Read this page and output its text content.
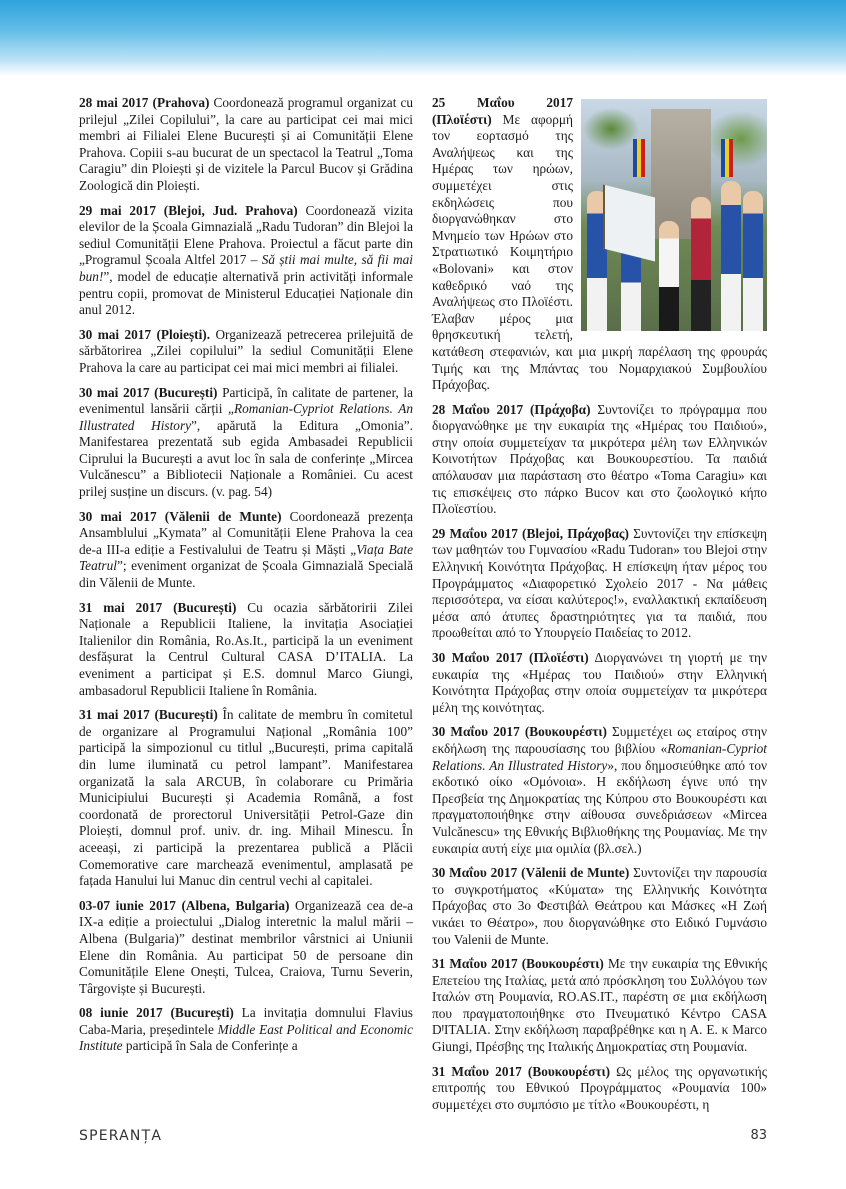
28 mai 2017 (Prahova) Coordonează programul organizat cu prilejul „Zilei Copilului”, la care au participat cei mai mici membri ai Filialei Elene București și ai Comunității Elene Prahova. Copiii s-au bucurat de un spectacol la Teatrul „Toma Caragiu” din Ploiești și de vizitele la Parcul Bucov și Grădina Zoologică din Ploiești.

29 mai 2017 (Blejoi, Jud. Prahova) Coordonează vizita elevilor de la Școala Gimnazială „Radu Tudoran” din Blejoi la sediul Comunității Elene Prahova. Proiectul a făcut parte din „Programul Școala Altfel 2017 – Să știi mai multe, să fii mai bun!”, model de educație alternativă prin activități informale pentru copii, promovat de Ministerul Educației Naționale din anul 2012.

30 mai 2017 (Ploiești). Organizează petrecerea prilejuită de sărbătorirea „Zilei copilului” la sediul Comunității Elene Prahova la care au participat cei mai mici membri ai filialei.

30 mai 2017 (București) Participă, în calitate de partener, la evenimentul lansării cărții „Romanian-Cypriot Relations. An Illustrated History”, apărută la Editura „Omonia”. Manifestarea prezentată sub egida Ambasadei Republicii Ciprului la București a avut loc în sala de conferințe „Mircea Vulcănescu” a Bibliotecii Naționale a României. Cu acest prilej susține un discurs. (v. pag. 54)

30 mai 2017 (Vălenii de Munte) Coordonează prezența Ansamblului „Kymata” al Comunității Elene Prahova la cea de-a III-a ediție a Festivalului de Teatru și Măști „Viața Bate Teatrul”; eveniment organizat de Școala Gimnazială Specială din Vălenii de Munte.

31 mai 2017 (București) Cu ocazia sărbătoririi Zilei Naționale a Republicii Italiene, la invitația Asociației Italienilor din România, Ro.As.It., participă la un eveniment desfășurat la Centrul Cultural CASA D’ITALIA. La eveniment a participat și E.S. domnul Marco Giungi, ambasadorul Republicii Italiene în România.

31 mai 2017 (București) În calitate de membru în comitetul de organizare al Programului Național „România 100” participă la simpozionul cu titlul „București, prima capitală din lume iluminată cu petrol lampant”. Manifestarea organizată la sala ARCUB, în colaborare cu Primăria Municipiului București și Academia Română, a fost coordonată de prorectorul Universității Petrol-Gaze din Ploiești, domnul prof. univ. dr. ing. Mihail Minescu. În aceeași, zi participă la prezentarea publică a Plăcii Comemorative care marchează evenimentul, amplasată pe fațada Hanului lui Manuc din centrul vechi al capitalei.

03-07 iunie 2017 (Albena, Bulgaria) Organizează cea de-a IX-a ediție a proiectului „Dialog interetnic la malul mării – Albena (Bulgaria)” destinat membrilor vârstnici ai Uniunii Elene din România. Au participat 50 de persoane din Comunitățile Elene Onești, Tulcea, Craiova, Turnu Severin, Târgoviște și București.

08 iunie 2017 (București) La invitația domnului Flavius Caba-Maria, președintele Middle East Political and Economic Institute participă în Sala de Conferințe a

25 Μαΐου 2017 (Πλοϊέστι) Με αφορμή τον εορτασμό της Αναλήψεως και της Ημέρας των ηρώων, συμμετέχει στις εκδηλώσεις που διοργανώθηκαν στο Μνημείο των Ηρώων στο Στρατιωτικό Κοιμητήριο «Bolovani» και στον καθεδρικό ναό της Αναλήψεως στο Πλοϊέστι. Έλαβαν μέρος μια θρησκευτική τελετή, κατάθεση στεφανιών, και μια μικρή παρέλαση της φρουράς Τιμής και της Μπάντας του Νομαρχιακού Συμβουλίου Πράχοβας.

28 Μαΐου 2017 (Πράχοβα) Συντονίζει το πρόγραμμα που διοργανώθηκε με την ευκαιρία της «Ημέρας του Παιδιού», στην οποία συμμετείχαν τα μικρότερα μέλη των Ελληνικών Κοινοτήτων Πράχοβας και Βουκουρεστίου. Τα παιδιά απόλαυσαν μια παράσταση στο θέατρο «Toma Caragiu» και τις επισκέψεις στο πάρκο Bucov και στο ζωολογικό κήπο Πλοϊεστίου.

29 Μαΐου 2017 (Blejoi, Πράχοβας) Συντονίζει την επίσκεψη των μαθητών του Γυμνασίου «Radu Tudoran» του Blejoi στην Ελληνική Κοινότητα Πράχοβας. Η επίσκεψη ήταν μέρος του Προγράμματος «Διαφορετικό Σχολείο 2017 - Να μάθεις περισσότερα, να είσαι καλύτερος!», εναλλακτική εκπαίδευση μέσα από άτυπες δραστηριότητες για τα παιδιά, που προωθείται από το Υπουργείο Παιδείας το 2012.

30 Μαΐου 2017 (Πλοϊέστι) Διοργανώνει τη γιορτή με την ευκαιρία της «Ημέρας του Παιδιού» στην Ελληνική Κοινότητα Πράχοβας στην οποία συμμετείχαν τα μικρότερα μέλη της κοινότητας.

30 Μαΐου 2017 (Βουκουρέστι) Συμμετέχει ως εταίρος στην εκδήλωση της παρουσίασης του βιβλίου «Romanian-Cypriot Relations. An Illustrated History», που δημοσιεύθηκε από τον εκδοτικό οίκο «Ομόνοια». Η εκδήλωση έγινε υπό την Πρεσβεία της Δημοκρατίας της Κύπρου στο Βουκουρέστι και πραγματοποιήθηκε στην αίθουσα συνεδριάσεων «Mircea Vulcănescu» της Εθνικής Βιβλιοθήκης της Ρουμανίας. Με την ευκαιρία αυτή είχε μια ομιλία (βλ.σελ.)

30 Μαΐου 2017 (Vălenii de Munte) Συντονίζει την παρουσία το συγκροτήματος «Κύματα» της Ελληνικής Κοινότητα Πράχοβας στο 3ο Φεστιβάλ Θεάτρου και Μάσκες «Η Ζωή νικάει το Θέατρο», που διοργανώθηκε στο Ειδικό Γυμνάσιο του Valenii de Munte.

31 Μαΐου 2017 (Βουκουρέστι) Με την ευκαιρία της Εθνικής Επετείου της Ιταλίας, μετά από πρόσκληση του Συλλόγου των Ιταλών στη Ρουμανία, RO.AS.IT., παρέστη σε μια εκδήλωση που πραγματοποιήθηκε στο Πνευματικό Κέντρο CASA DꞋITALIA. Στην εκδήλωση παραβρέθηκε και η Α. Ε. κ Marco Giungi, Πρέσβης της Ιταλικής Δημοκρατίας στη Ρουμανία.

31 Μαΐου 2017 (Βουκουρέστι) Ως μέλος της οργανωτικής επιτροπής του Εθνικού Προγράμματος «Ρουμανία 100» συμμετέχει στο συμπόσιο με τίτλο «Βουκουρέστι, η

SPERANȚA	83
